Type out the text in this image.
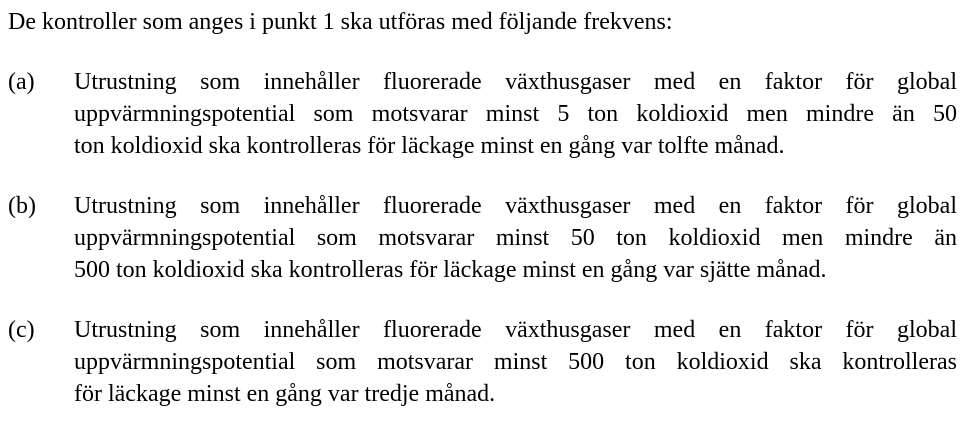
De kontroller som anges i punkt 1 ska utföras med följande frekvens:

(a)	Utrustning som innehåller fluorerade växthusgaser med en faktor för global
uppvärmningspotential som motsvarar minst 5 ton koldioxid men mindre än 50
ton koldioxid ska kontrolleras för läckage minst en gång var tolfte månad.
(b)	Utrustning som innehåller fluorerade växthusgaser med en faktor för global
uppvärmningspotential som motsvarar minst 50 ton koldioxid men mindre än
500 ton koldioxid ska kontrolleras för läckage minst en gång var sjätte månad.
(c)	Utrustning som innehåller fluorerade växthusgaser med en faktor för global
uppvärmningspotential som motsvarar minst 500 ton koldioxid ska kontrolleras
för läckage minst en gång var tredje månad.
